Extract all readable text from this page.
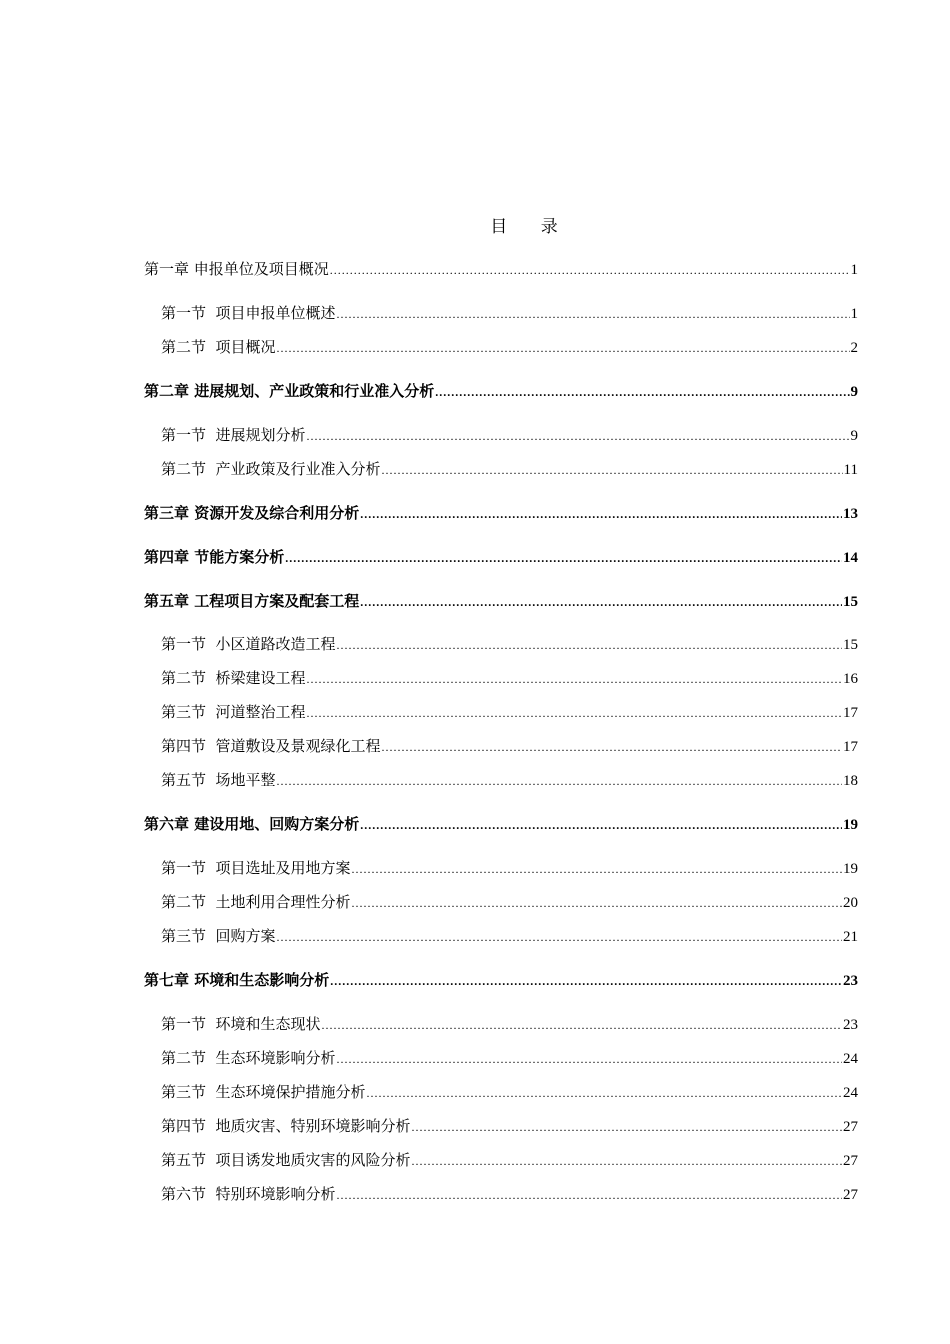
目 录
第一章 申报单位及项目概况 .....	1
第一节  项目申报单位概述 .....	1
第二节  项目概况 .....	2
第二章 进展规划、产业政策和行业准入分析 .....	9
第一节  进展规划分析 .....	9
第二节  产业政策及行业准入分析 .....	11
第三章 资源开发及综合利用分析 .....	13
第四章 节能方案分析 .....	14
第五章 工程项目方案及配套工程 .....	15
第一节  小区道路改造工程 .....	15
第二节  桥梁建设工程 .....	16
第三节  河道整治工程 .....	17
第四节  管道敷设及景观绿化工程 .....	17
第五节  场地平整 .....	18
第六章 建设用地、回购方案分析 .....	19
第一节  项目选址及用地方案 .....	19
第二节  土地利用合理性分析 .....	20
第三节  回购方案 .....	21
第七章 环境和生态影响分析 .....	23
第一节  环境和生态现状 .....	23
第二节  生态环境影响分析 .....	24
第三节  生态环境保护措施分析 .....	24
第四节  地质灾害、特别环境影响分析 .....	27
第五节  项目诱发地质灾害的风险分析 .....	27
第六节  特别环境影响分析 .....	27
